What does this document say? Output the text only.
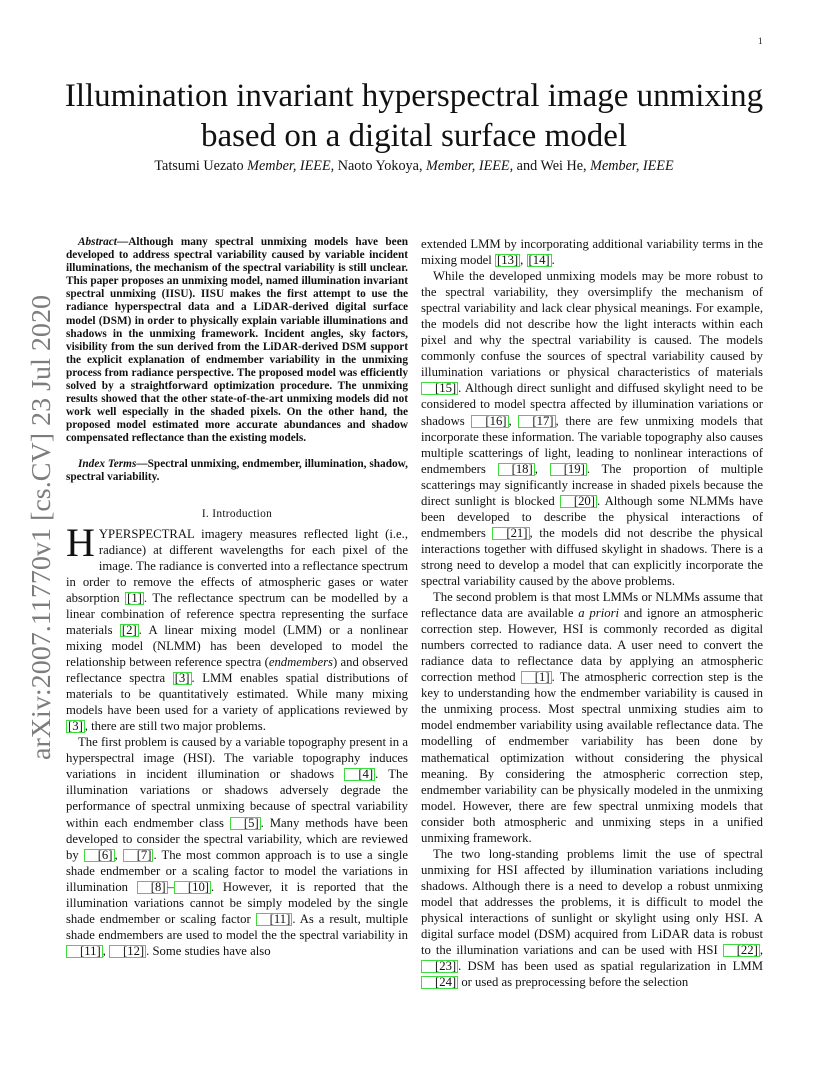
1
arXiv:2007.11770v1 [cs.CV] 23 Jul 2020
Illumination invariant hyperspectral image unmixing
based on a digital surface model
Tatsumi Uezato Member, IEEE, Naoto Yokoya, Member, IEEE, and Wei He, Member, IEEE

Abstract—Although many spectral unmixing models have been developed to address spectral variability caused by variable incident illuminations, the mechanism of the spectral variability is still unclear. This paper proposes an unmixing model, named illumination invariant spectral unmixing (IISU). IISU makes the first attempt to use the radiance hyperspectral data and a LiDAR-derived digital surface model (DSM) in order to physically explain variable illuminations and shadows in the unmixing framework. Incident angles, sky factors, visibility from the sun derived from the LiDAR-derived DSM support the explicit explanation of endmember variability in the unmixing process from radiance perspective. The proposed model was efficiently solved by a straightforward optimization procedure. The unmixing results showed that the other state-of-the-art unmixing models did not work well especially in the shaded pixels. On the other hand, the proposed model estimated more accurate abundances and shadow compensated reflectance than the existing models.

Index Terms—Spectral unmixing, endmember, illumination, shadow, spectral variability.

I. Introduction

HYPERSPECTRAL imagery measures reflected light (i.e., radiance) at different wavelengths for each pixel of the image. The radiance is converted into a reflectance spectrum in order to remove the effects of atmospheric gases or water absorption [1] . The reflectance spectrum can be modelled by a linear combination of reference spectra representing the surface materials [2] . A linear mixing model (LMM) or a nonlinear mixing model (NLMM) has been developed to model the relationship between reference spectra (endmembers) and observed reflectance spectra [3] . LMM enables spatial distributions of materials to be quantitatively estimated. While many mixing models have been used for a variety of applications reviewed by [3] , there are still two major problems.

The first problem is caused by a variable topography present in a hyperspectral image (HSI). The variable topography induces variations in incident illumination or shadows [4] . The illumination variations or shadows adversely degrade the performance of spectral unmixing because of spectral variability within each endmember class [5] . Many methods have been developed to consider the spectral variability, which are reviewed by [6] , [7] . The most common approach is to use a single shade endmember or a scaling factor to model the variations in illumination [8] – [10] . However, it is reported that the illumination variations cannot be simply modeled by the single shade endmember or scaling factor [11] . As a result, multiple shade endmembers are used to model the the spectral variability in [11] , [12] . Some studies have also

extended LMM by incorporating additional variability terms in the mixing model [13] , [14] .

While the developed unmixing models may be more robust to the spectral variability, they oversimplify the mechanism of spectral variability and lack clear physical meanings. For example, the models did not describe how the light interacts within each pixel and why the spectral variability is caused. The models commonly confuse the sources of spectral variability caused by illumination variations or physical characteristics of materials [15] . Although direct sunlight and diffused skylight need to be considered to model spectra affected by illumination variations or shadows [16] , [17] , there are few unmixing models that incorporate these information. The variable topography also causes multiple scatterings of light, leading to nonlinear interactions of endmembers [18] , [19] . The proportion of multiple scatterings may significantly increase in shaded pixels because the direct sunlight is blocked [20] . Although some NLMMs have been developed to describe the physical interactions of endmembers [21] , the models did not describe the physical interactions together with diffused skylight in shadows. There is a strong need to develop a model that can explicitly incorporate the spectral variability caused by the above problems.

The second problem is that most LMMs or NLMMs assume that reflectance data are available a priori and ignore an atmospheric correction step. However, HSI is commonly recorded as digital numbers corrected to radiance data. A user need to convert the radiance data to reflectance data by applying an atmospheric correction method [1] . The atmospheric correction step is the key to understanding how the endmember variability is caused in the unmixing process. Most spectral unmixing studies aim to model endmember variability using available reflectance data. The modelling of endmember variability has been done by mathematical optimization without considering the physical meaning. By considering the atmospheric correction step, endmember variability can be physically modeled in the unmixing model. However, there are few spectral unmixing models that consider both atmospheric and unmixing steps in a unified unmixing framework.

The two long-standing problems limit the use of spectral unmixing for HSI affected by illumination variations including shadows. Although there is a need to develop a robust unmixing model that addresses the problems, it is difficult to model the physical interactions of sunlight or skylight using only HSI. A digital surface model (DSM) acquired from LiDAR data is robust to the illumination variations and can be used with HSI [22] , [23] . DSM has been used as spatial regularization in LMM [24] or used as preprocessing before the selection
